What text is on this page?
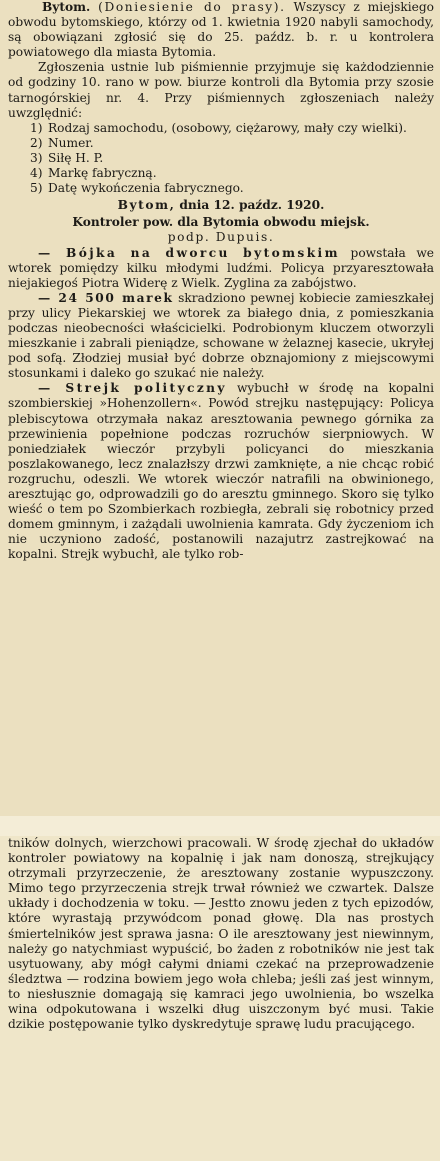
Bytom. (Doniesienie do prasy). Wszyscy z miejskiego obwodu bytomskiego, którzy od 1. kwietnia 1920 nabyli samochody, są obowiązani zgłosić się do 25. paźdz. b. r. u kontrolera powiatowego dla miasta Bytomia.

Zgłoszenia ustnie lub piśmiennie przyjmuje się każdodziennie od godziny 10. rano w pow. biurze kontroli dla Bytomia przy szosie tarnogórskiej nr. 4. Przy piśmiennych zgłoszeniach należy uwzględnić:

1) Rodzaj samochodu, (osobowy, ciężarowy, mały czy wielki).
2) Numer.
3) Siłę H. P.
4) Markę fabryczną.
5) Datę wykończenia fabrycznego.

Bytom, dnia 12. paźdz. 1920.

Kontroler pow. dla Bytomia obwodu miejsk.

podp. Dupuis.

— Bójka na dworcu bytomskim powstała we wtorek pomiędzy kilku młodymi ludźmi. Policya przyaresztowała niejakiegoś Piotra Widerę z Wielk. Zyglina za zabójstwo.

— 24 500 marek skradziono pewnej kobiecie zamieszkałej przy ulicy Piekarskiej we wtorek za białego dnia, z pomieszkania podczas nieobecności właścicielki. Podrobionym kluczem otworzyli mieszkanie i zabrali pieniądze, schowane w żelaznej kasecie, ukryłej pod sofą. Złodziej musiał być dobrze obznajomiony z miejscowymi stosunkami i daleko go szukać nie należy.

— Strejk polityczny wybuchł w środę na kopalni szombierskiej »Hohenzollern«. Powód strejku następujący: Policya plebiscytowa otrzymała nakaz aresztowania pewnego górnika za przewinienia popełnione podczas rozruchów sierpniowych. W poniedziałek wieczór przybyli policyanci do mieszkania poszlakowanego, lecz znalazłszy drzwi zamknięte, a nie chcąc robić rozgruchu, odeszli. We wtorek wieczór natrafili na obwinionego, aresztując go, odprowadzili go do aresztu gminnego. Skoro się tylko wieść o tem po Szombierkach rozbiegła, zebrali się robotnicy przed domem gminnym, i zażądali uwolnienia kamrata. Gdy życzeniom ich nie uczyniono zadość, postanowili nazajutrz zastrejkować na kopalni. Strejk wybuchł, ale tylko rob-

tników dolnych, wierzchowi pracowali. W środę zjechał do układów kontroler powiatowy na kopalnię i jak nam donoszą, strejkujący otrzymali przyrzeczenie, że aresztowany zostanie wypuszczony. Mimo tego przyrzeczenia strejk trwał również we czwartek. Dalsze układy i dochodzenia w toku. — Jestto znowu jeden z tych epizodów, które wyrastają przywódcom ponad głowę. Dla nas prostych śmiertelników jest sprawa jasna: O ile aresztowany jest niewinnym, należy go natychmiast wypuścić, bo żaden z robotników nie jest tak usytuowany, aby mógł całymi dniami czekać na przeprowadzenie śledztwa — rodzina bowiem jego woła chleba; jeśli zaś jest winnym, to niesłusznie domagają się kamraci jego uwolnienia, bo wszelka wina odpokutowana i wszelki dług uiszczonym być musi. Takie dzikie postępowanie tylko dyskredytuje sprawę ludu pracującego.
